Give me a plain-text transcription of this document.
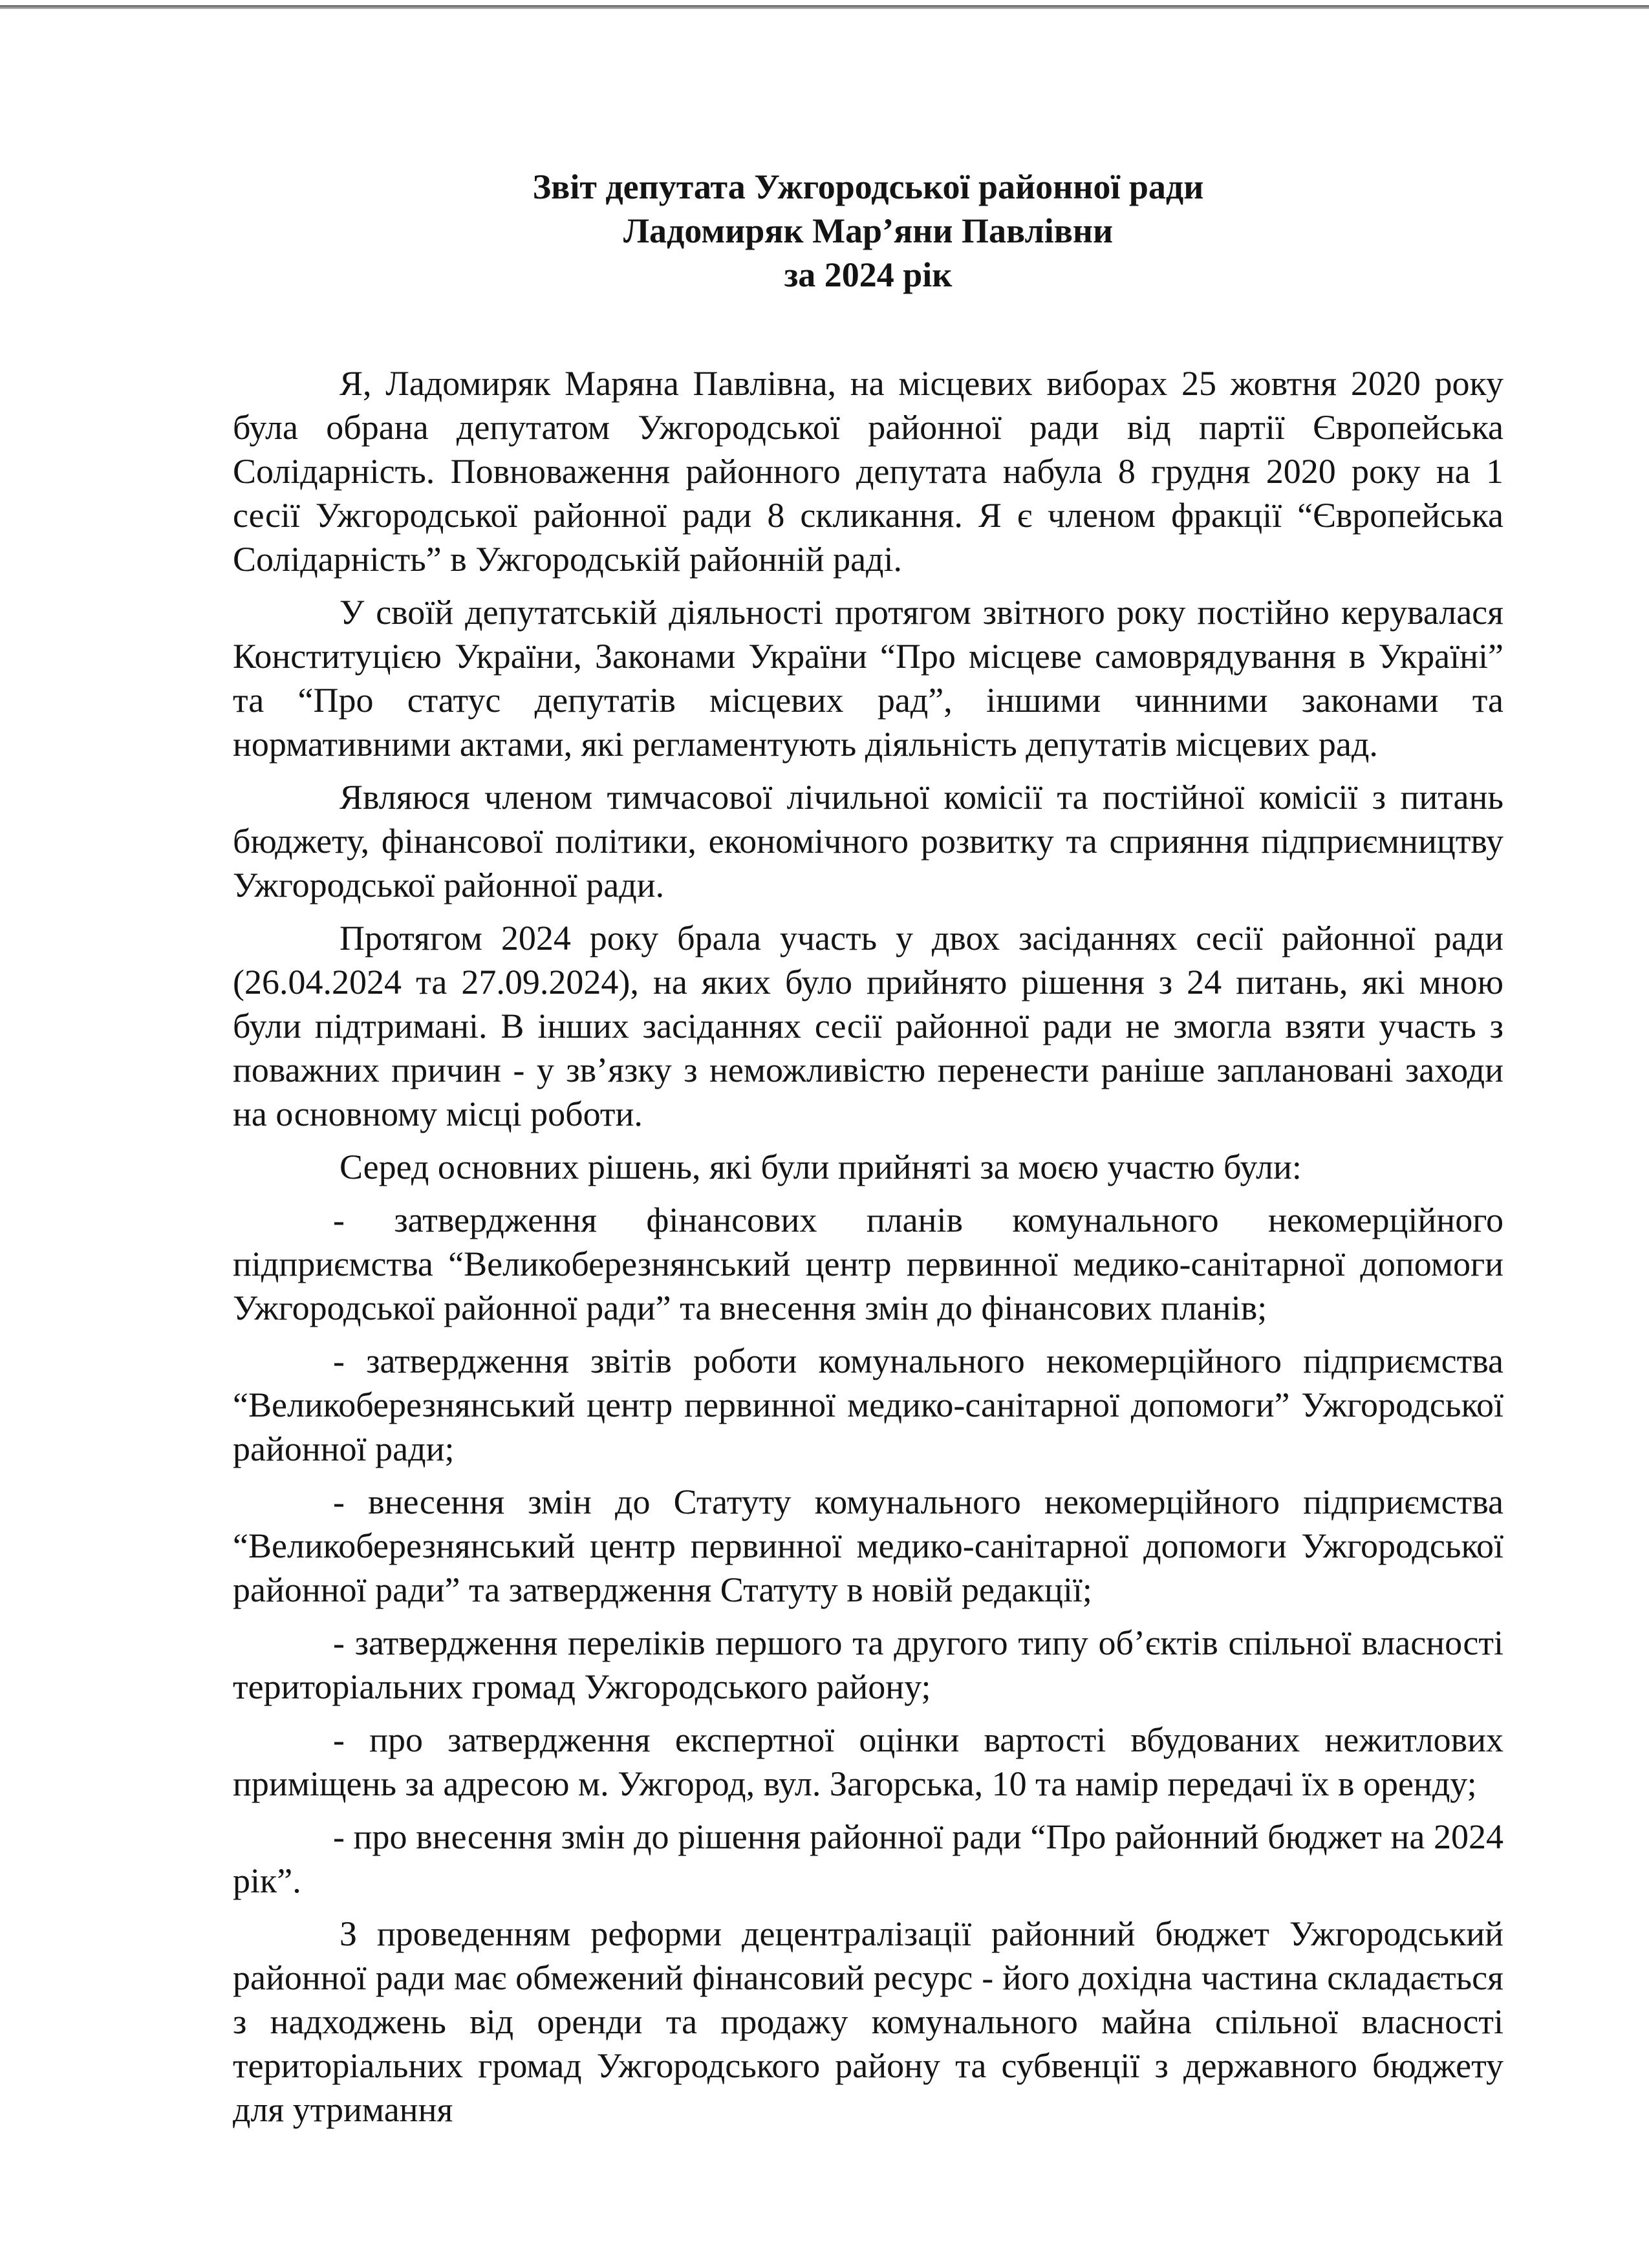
Звіт депутата Ужгородської районної ради
Ладомиряк Мар’яни Павлівни
за 2024 рік

Я, Ладомиряк Маряна Павлівна, на місцевих виборах 25 жовтня 2020 року була обрана депутатом Ужгородської районної ради від партії Європейська Солідарність. Повноваження районного депутата набула 8 грудня 2020 року на 1 сесії Ужгородської районної ради 8 скликання. Я є членом фракції “Європейська Солідарність” в Ужгородській районній раді.

У своїй депутатській діяльності протягом звітного року постійно керувалася Конституцією України, Законами України “Про місцеве самоврядування в Україні” та “Про статус депутатів місцевих рад”, іншими чинними законами та нормативними актами, які регламентують діяльність депутатів місцевих рад.

Являюся членом тимчасової лічильної комісії та постійної комісії з питань бюджету, фінансової політики, економічного розвитку та сприяння підприємництву Ужгородської районної ради.

Протягом 2024 року брала участь у двох засіданнях сесії районної ради (26.04.2024 та 27.09.2024), на яких було прийнято рішення з 24 питань, які мною були підтримані. В інших засіданнях сесії районної ради не змогла взяти участь з поважних причин - у зв’язку з неможливістю перенести раніше заплановані заходи на основному місці роботи.

Серед основних рішень, які були прийняті за моєю участю були:

- затвердження фінансових планів комунального некомерційного підприємства “Великоберезнянський центр первинної медико-санітарної допомоги Ужгородської районної ради” та внесення змін до фінансових планів;

- затвердження звітів роботи комунального некомерційного підприємства “Великоберезнянський центр первинної медико-санітарної допомоги” Ужгородської районної ради;

- внесення змін до Статуту комунального некомерційного підприємства “Великоберезнянський центр первинної медико-санітарної допомоги Ужгородської районної ради” та затвердження Статуту в новій редакції;

- затвердження переліків першого та другого типу об’єктів спільної власності територіальних громад Ужгородського району;

- про затвердження експертної оцінки вартості вбудованих нежитлових приміщень за адресою м. Ужгород, вул. Загорська, 10 та намір передачі їх в оренду;

- про внесення змін до рішення районної ради “Про районний бюджет на 2024 рік”.

З проведенням реформи децентралізації районний бюджет Ужгородський районної ради має обмежений фінансовий ресурс - його дохідна частина складається з надходжень від оренди та продажу комунального майна спільної власності територіальних громад Ужгородського району та субвенції з державного бюджету для утримання
